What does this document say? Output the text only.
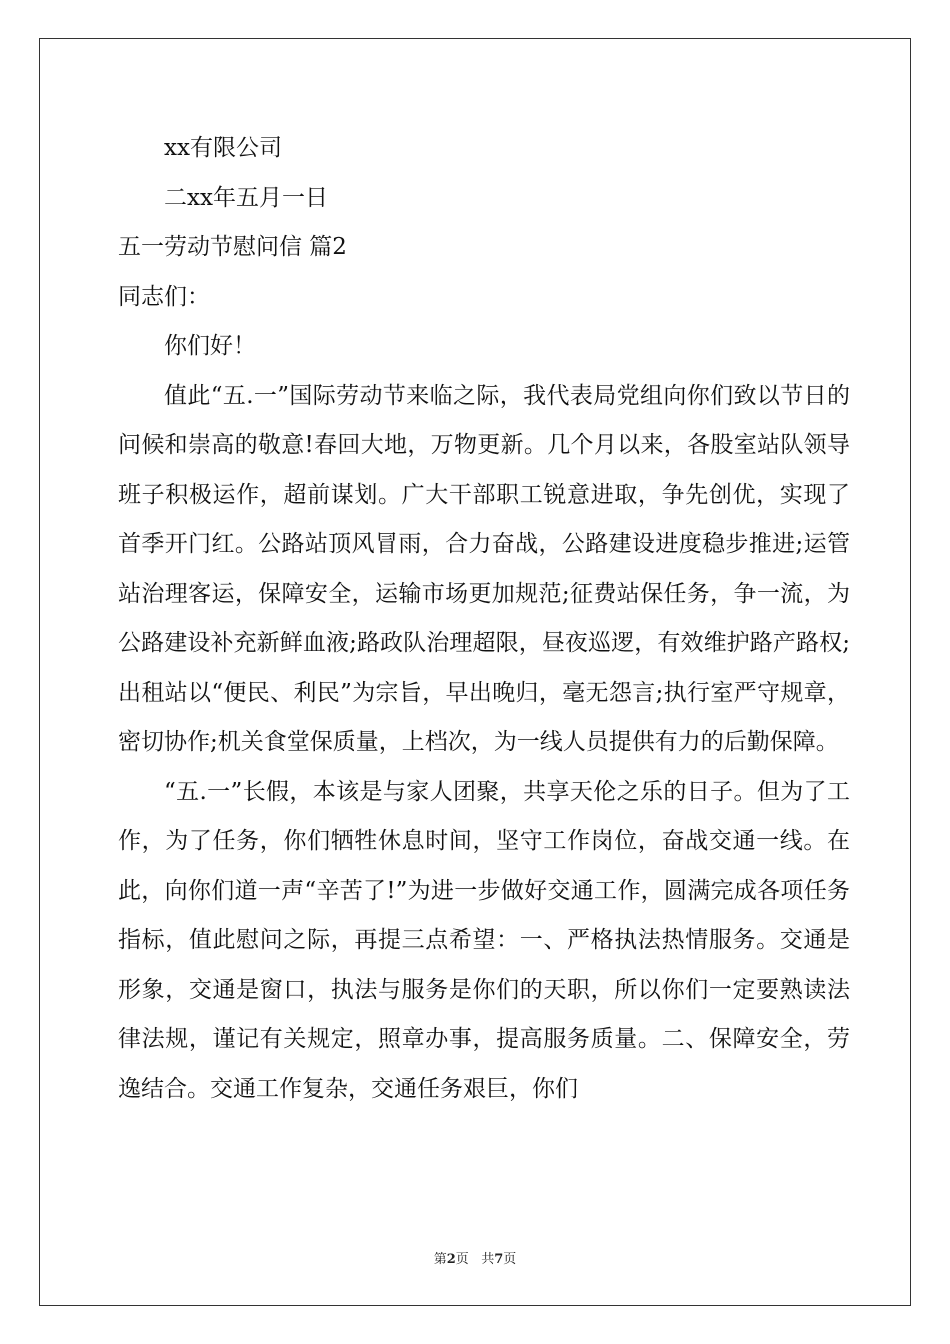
xx有限公司
二xx年五月一日
五一劳动节慰问信 篇2
同志们：
你们好！
值此“五.一”国际劳动节来临之际，我代表局党组向你们致以节日的问候和崇高的敬意!春回大地，万物更新。几个月以来，各股室站队领导班子积极运作，超前谋划。广大干部职工锐意进取，争先创优，实现了首季开门红。公路站顶风冒雨，合力奋战，公路建设进度稳步推进;运管站治理客运，保障安全，运输市场更加规范;征费站保任务，争一流，为公路建设补充新鲜血液;路政队治理超限，昼夜巡逻，有效维护路产路权;出租站以“便民、利民”为宗旨，早出晚归，毫无怨言;执行室严守规章，密切协作;机关食堂保质量，上档次，为一线人员提供有力的后勤保障。
“五.一”长假，本该是与家人团聚，共享天伦之乐的日子。但为了工作，为了任务，你们牺牲休息时间，坚守工作岗位，奋战交通一线。在此，向你们道一声“辛苦了!”为进一步做好交通工作，圆满完成各项任务指标，值此慰问之际，再提三点希望：一、严格执法热情服务。交通是形象，交通是窗口，执法与服务是你们的天职，所以你们一定要熟读法律法规，谨记有关规定，照章办事，提高服务质量。二、保障安全，劳逸结合。交通工作复杂，交通任务艰巨，你们
第2页 共7页
